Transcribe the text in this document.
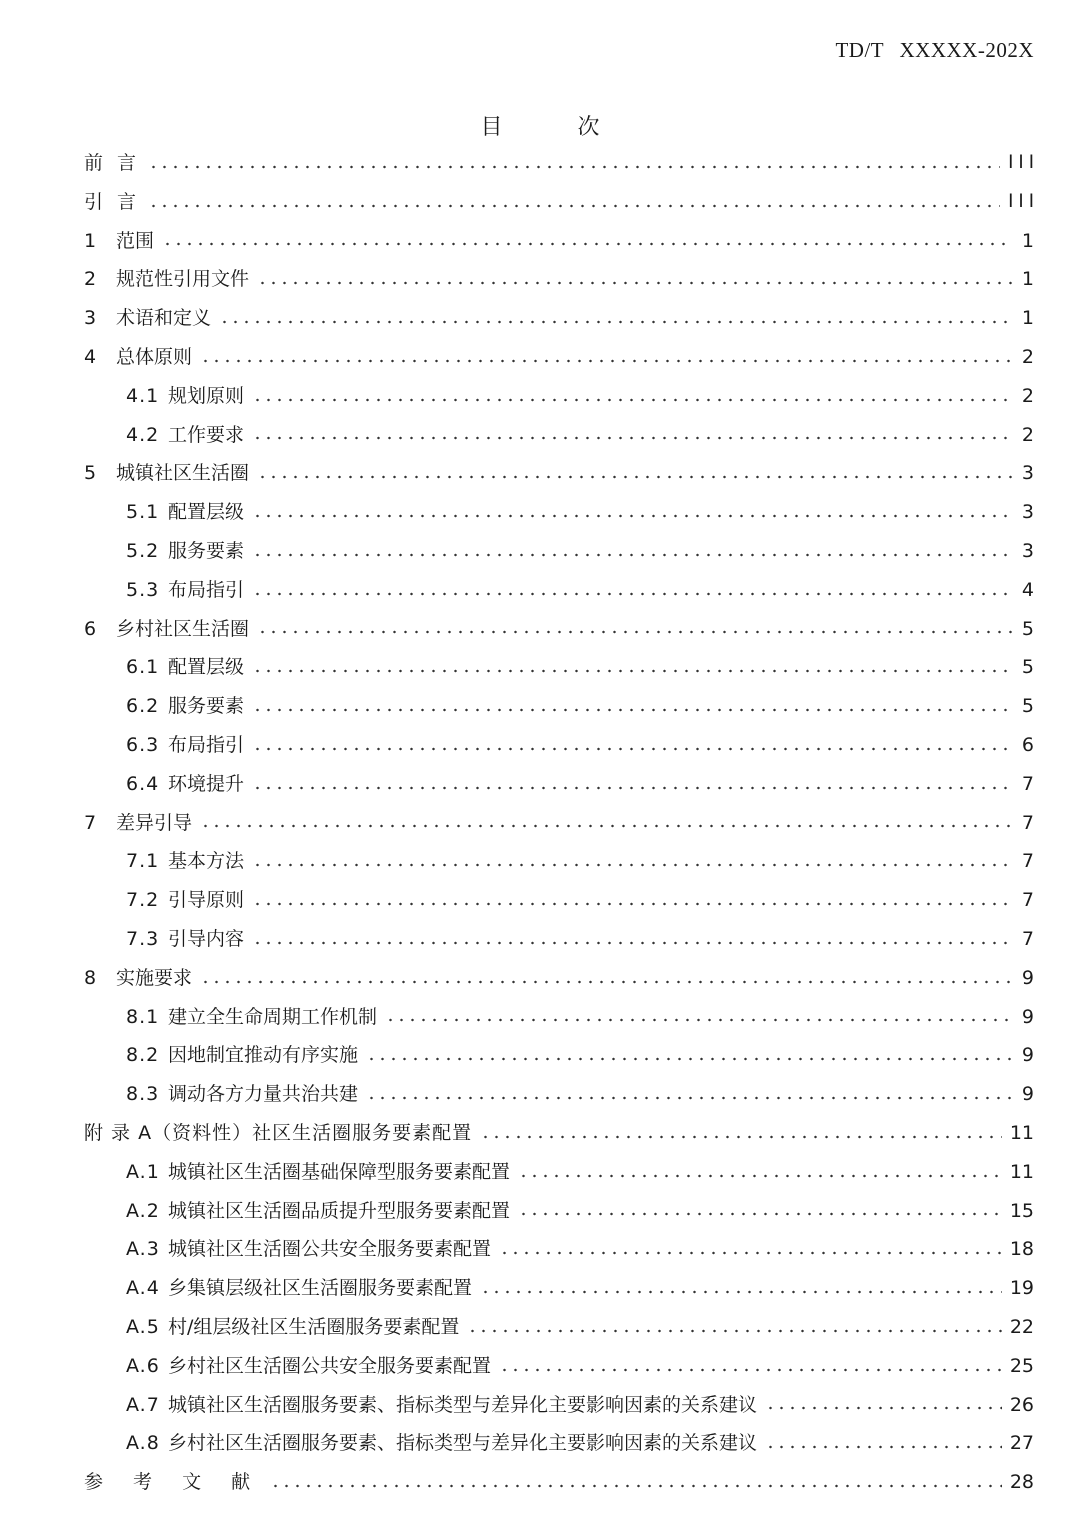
TD/T XXXXX-202X
目 次
前 言	III
引 言	III
1	范围	1
2	规范性引用文件	1
3	术语和定义	1
4	总体原则	2
4.1 规划原则	2
4.2 工作要求	2
5	城镇社区生活圈	3
5.1 配置层级	3
5.2 服务要素	3
5.3 布局指引	4
6	乡村社区生活圈	5
6.1 配置层级	5
6.2 服务要素	5
6.3 布局指引	6
6.4 环境提升	7
7	差异引导	7
7.1 基本方法	7
7.2 引导原则	7
7.3 引导内容	7
8	实施要求	9
8.1 建立全生命周期工作机制	9
8.2 因地制宜推动有序实施	9
8.3 调动各方力量共治共建	9
附 录 A（资料性）社区生活圈服务要素配置	11
A.1 城镇社区生活圈基础保障型服务要素配置	11
A.2 城镇社区生活圈品质提升型服务要素配置	15
A.3 城镇社区生活圈公共安全服务要素配置	18
A.4 乡集镇层级社区生活圈服务要素配置	19
A.5 村/组层级社区生活圈服务要素配置	22
A.6 乡村社区生活圈公共安全服务要素配置	25
A.7 城镇社区生活圈服务要素、指标类型与差异化主要影响因素的关系建议	26
A.8 乡村社区生活圈服务要素、指标类型与差异化主要影响因素的关系建议	27
参 考 文 献	28
